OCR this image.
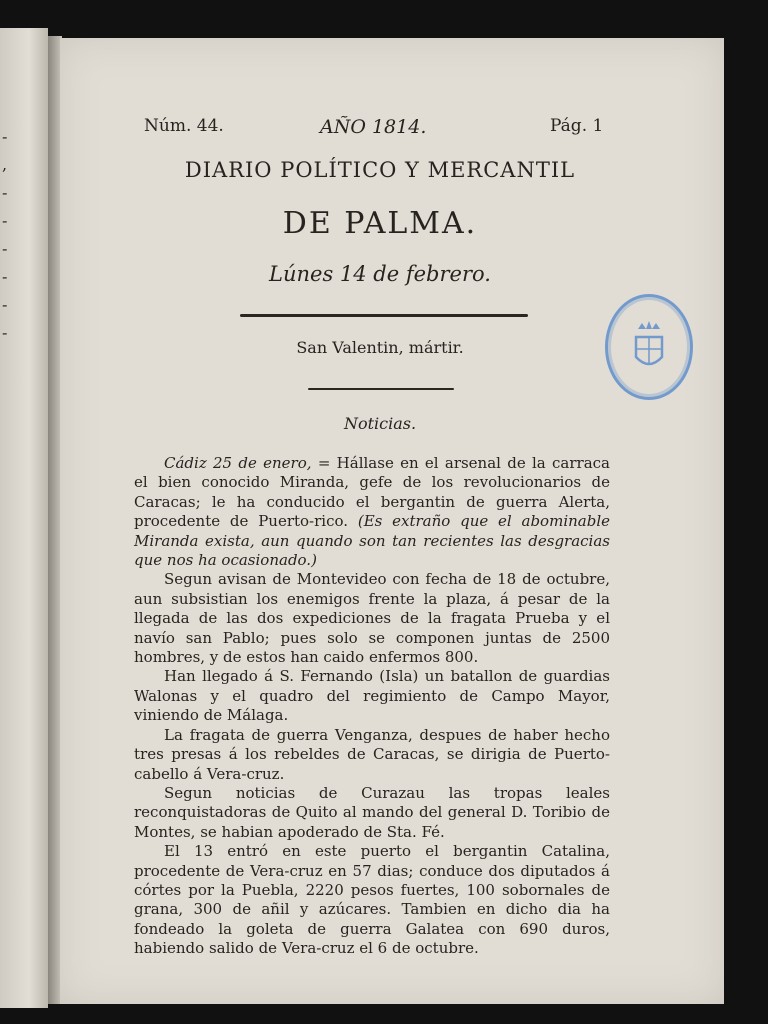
-
,
-
-
-
-
-
-
Núm. 44.	AÑO 1814.	Pág. 1
DIARIO POLÍTICO Y MERCANTIL
DE PALMA.
Lúnes 14 de febrero.
San Valentin, mártir.
Noticias.

Cádiz 25 de enero, = Hállase en el arsenal de la carraca el bien conocido Miranda, gefe de los revolucionarios de Caracas; le ha conducido el bergantin de guerra Alerta, procedente de Puerto-rico. (Es extraño que el abominable Miranda exista, aun quando son tan recientes las desgracias que nos ha ocasionado.)

Segun avisan de Montevideo con fecha de 18 de octubre, aun subsistian los enemigos frente la plaza, á pesar de la llegada de las dos expediciones de la fragata Prueba y el navío san Pablo; pues solo se componen juntas de 2500 hombres, y de estos han caido enfermos 800.

Han llegado á S. Fernando (Isla) un batallon de guardias Walonas y el quadro del regimiento de Campo Mayor, viniendo de Málaga.

La fragata de guerra Venganza, despues de haber hecho tres presas á los rebeldes de Caracas, se dirigia de Puerto-cabello á Vera-cruz.

Segun noticias de Curazau las tropas leales reconquistadoras de Quito al mando del general D. Toribio de Montes, se habian apoderado de Sta. Fé.

El 13 entró en este puerto el bergantin Catalina, procedente de Vera-cruz en 57 dias; conduce dos diputados á córtes por la Puebla, 2220 pesos fuertes, 100 sobornales de grana, 300 de añil y azúcares. Tambien en dicho dia ha fondeado la goleta de guerra Galatea con 690 duros, habiendo salido de Vera-cruz el 6 de octubre.
